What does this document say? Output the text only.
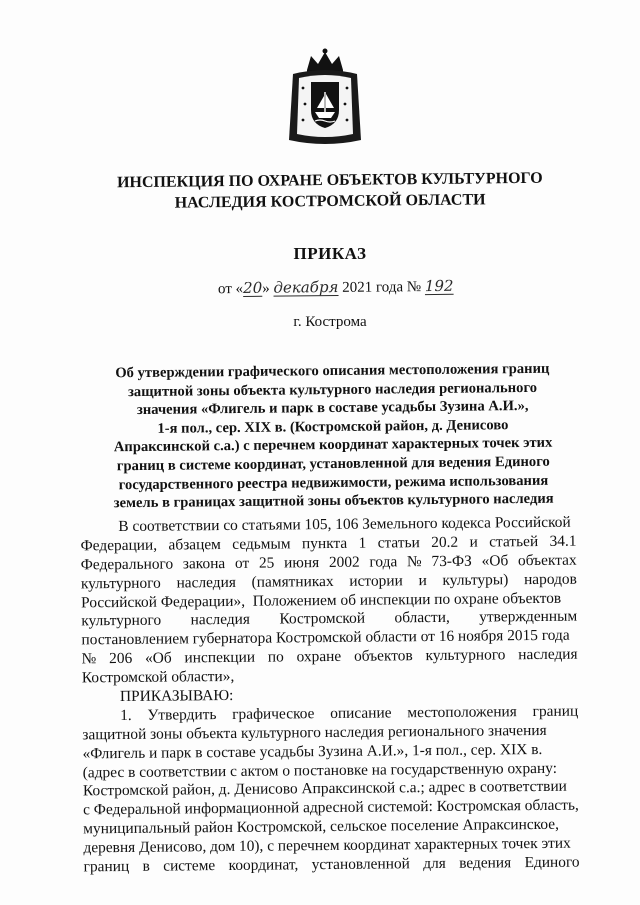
ИНСПЕКЦИЯ ПО ОХРАНЕ ОБЪЕКТОВ КУЛЬТУРНОГО
НАСЛЕДИЯ КОСТРОМСКОЙ ОБЛАСТИ
ПРИКАЗ
от «20» декабря 2021 года № 192
г. Кострома
Об утверждении графического описания местоположения границ
защитной зоны объекта культурного наследия регионального
значения «Флигель и парк в составе усадьбы Зузина А.И.»,
1-я пол., сер. XIX в. (Костромской район, д. Денисово
Апраксинской с.а.) с перечнем координат характерных точек этих
границ в системе координат, установленной для ведения Единого
государственного реестра недвижимости, режима использования
земель в границах защитной зоны объектов культурного наследия
В соответствии со статьями 105, 106 Земельного кодекса Российской
Федерации, абзацем седьмым пункта 1 статьи 20.2 и статьей 34.1
Федерального закона от 25 июня 2002 года № 73-ФЗ «Об объектах
культурного наследия (памятниках истории и культуры) народов
Российской Федерации»,  Положением об инспекции по охране объектов
культурного наследия Костромской области, утвержденным
постановлением губернатора Костромской области от 16 ноября 2015 года
№ 206 «Об инспекции по охране объектов культурного наследия
Костромской области»,
ПРИКАЗЫВАЮ:
1. Утвердить графическое описание местоположения границ
защитной зоны объекта культурного наследия регионального значения
«Флигель и парк в составе усадьбы Зузина А.И.», 1-я пол., сер. XIX в.
(адрес в соответствии с актом о постановке на государственную охрану:
Костромской район, д. Денисово Апраксинской с.а.; адрес в соответствии
с Федеральной информационной адресной системой: Костромская область,
муниципальный район Костромской, сельское поселение Апраксинское,
деревня Денисово, дом 10), с перечнем координат характерных точек этих
границ в системе координат, установленной для ведения Единого
